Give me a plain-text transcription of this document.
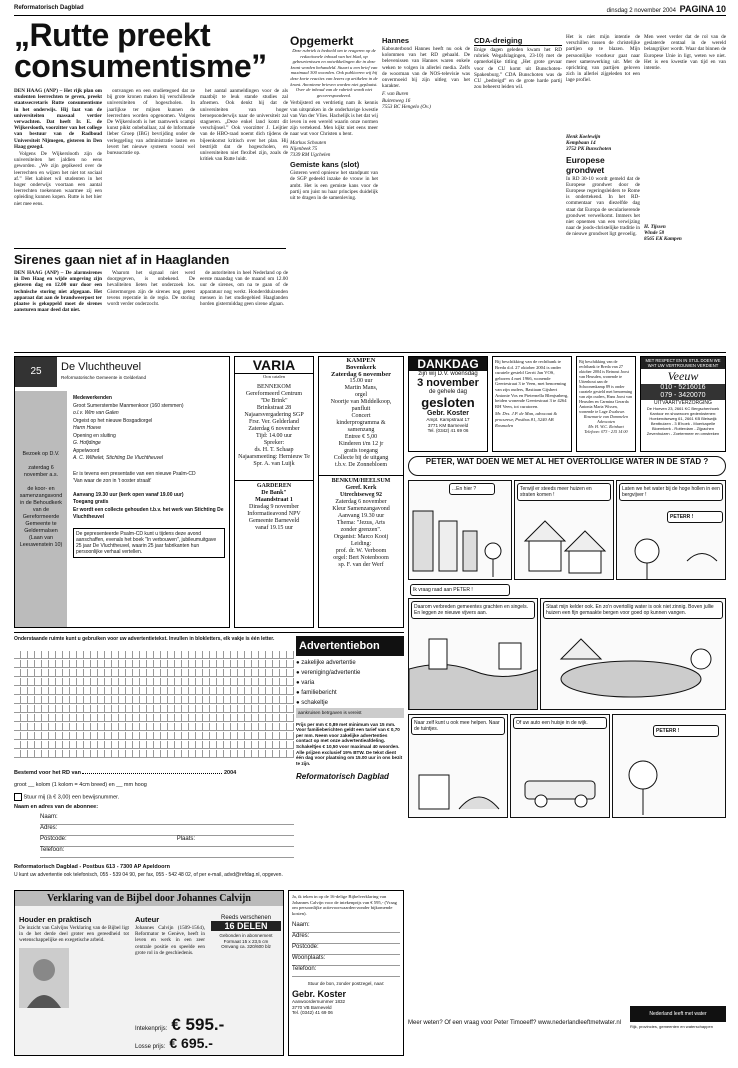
Reformatorisch Dagblad	dinsdag 2 november 2004 PAGINA 10
„Rutte preekt consumentisme”

DEN HAAG (ANP) – Het rijk plan om studenten leerrechten te geven, preekt staatssecretaris Rutte consumentisme in het onderwijs. Hij laat van de universiteiten massaal vertier verwachten. Dat heeft Ir. E. de Wijkerslooth, voorzitter van het college van bestuur van de Radboud Universiteit Nijmegen, gisteren in Den Haag gezegd.

Volgens De Wijkerslooth zijn de universiteiten het jaldien no eens geworden. „We zijn gepikeerd over de leerrechten en wijzen het niet tot sociaal af.” Het kabinet wil studenten in het hoger onderwijs voortaan een aantal leerrechten toekennen waarmee zij een opleiding kunnen kopen. Rutte is het hier niet mee eens.

ontvangen en een studietegoed dat ze bij grote kronen maken bij verschillende universiteiten of hogescholen. In jaarlijkse ter mijnen kunnen de leerrechten worden opgenomen. Volgens De Wijkerslooth is het raamwerk scampi kunst pikkt onbeballaar, zal de lnformatie lleber Groep (IBG) bevrijding onder de verleggeling van administratie lasten en levert het nieuwe systeem vooral wel bureaucratie op.

het aantal aanmeldingen voor de als maatbijt te leuk stande studies zal afnemen. Ook denkt hij dat de universiteiten van hoger beroepsonderwijs naar de universiteit zal stagneren. „Deze enkel land komt dit verschijnsel.” Ook voorzitter J. Leijtier van de HBO-raad noemt dich tijdens de bijeenkomst kritisch over het plan. Hij bestrijdt dat de hogescholen, en universiteiten niet flexibel zijn, zoals de kritiek van Rutte luidt.

Opgemerkt
Deze rubriek is bedoeld om te reageren op de redactionele inhoud van het blad, op gebeurtenissen en ontwikkelingen die in deze krant worden behandeld. Stuurt u een brief van maximaal 300 woorden. Ook publiceren wij bij deze korte reacties van lezers op artikelen in de krant. Anonieme brieven worden niet geplaatst. Over de inhoud van de rubriek wordt niet gecorrespondeerd.
Verbijsterd en verdrietig nam ik kennis van uitspraken in de onderhavige kwestie van Van der Vlies. Hachelijk is het dat wij leven in een wereld waarin onze normen zijn vertekend. Men kijkt niet eens meer naar wat voor Christen u bent.
Markus Schouten
Nijenbeek 75
7339 RM Ugchelen
Gemiste kans (slot)
Gisteren werd opnieuw het standpunt van de SGP gedeeld inzake de vrouw in het ambt. Het is een gemiste kans voor de partij om juist nu haar principes duidelijk uit te dragen in de samenleving.
Hannes
Kabouterbond Hannes heeft nu ook de kolommen van het RD gehaald. De belevenissen van Hannes waren enkele weken te volgen in allerlei media. Zelfs de woorman van de NOS-televisie was onvermoeid bij zijn uitleg van het karakter.
F. van Buren
Buitenweg 16
7553 BC Hengelo (Ov.)
CDA-dreiging
Enige dagen geleden kwam het RD rubriek Wegafslagingen, 23-10) met de opmerkelijke titling „Het grote gevaar voor de CU komt uit Bunschoten-Spakenburg.” CDA Bunschoten was de CU „bedreigd” en de grote harde partij zou beheerst leiden wil.
Het is niet mijn intentie de verschillen tussen de christelijke partijen op te blazen. Mijn persoonlijke voorkeur gaat naar meer samenwerking uit. Met de oprichting van partijen geloven zich in allerlei zijgeleden tot een lage profiel.
Henk Koelewijn
Kempbaan 14
3752 PK Bunschoten
Europese grondwet
In RD 30-10 wordt gemeld dat de Europese grondwet door de Europese regeringsleiders te Rome is ondertekend. In het RD-commentaar van diezelfde dag staat dat Europa de seculariserende grondwet verwelkomt. Immers het niet opnemen van een verwijzing naar de joods-christelijke traditie in de nieuwe grondwet ligt gevoelig.
Men weet verder dat de rol van de geslaterde centaal in de wereld belangrijker wordt. Waar dat binnen de Europese Unie in ligt, weten we niet. Het is een kwestie van tijd en van intentie.
H. Tijssen
Winde 58
8565 EK Kampen
Sirenes gaan niet af in Haaglanden

DEN HAAG (ANP) – De alarmsirenes in Den Haag en wijde omgeving zijn gisteren dag en 12.00 uur door een technische storing niet afgegaan. Het apparaat dat aan de brandweerpost ter plaatse is gekoppeld moet de sirenes aansturen maar deed dat niet.

Waarom het signaal niet werd doorgegeven, is onbekend. De hevaliteiten lieten het onderzoek los. Gistermorgen zijn de sirenes nog getest tevens reperatie in de regio. De storing wordt verder onderzocht.

de autoriteiten in heel Nederland op de eerste maandag van de maand om 12.00 uur de sirenes, om na te gaan of de apparatuur nog werkt. Honderdduizenden mensen in het studiegebied Haaglanden horden gistermiddag geen sirene afgaan.

25	De Vluchtheuvel
Reformatorische Gemeente in Gelderland
Bezoek op D.V.

zaterdag 6 november a.s.

de koor- en samenzangavond in de Behoudkerk van de Gereformeerde Gemeente te Geldermalsen (Laan van Leeuwenstein 10)
Medewerkenden
Groot Sumerstembe Manmenkoor (160 stemmen)
o.l.v. Wim van Galen
Orgeist op het nieuwe Bosgadiorgel
Harm Hoeve
Opening en sluiting
G. Hofjdinge
Appelwoord
A. C. Wilhelet, Stichting De Vluchtheuvel
Er is tevens een presentatie van een nieuwe Psalm-CD
'Van waar de zon in 't ooster straalt'
Aanvang 19.30 uur (kerk open vanaf 19.00 uur)
Toegang gratis
Er wordt een collecte gehouden t.b.v. het werk van Stichting De Vluchtheuvel
De gepresenteerde Psalm-CD kunt u tijdens deze avond aanschaffen, evenals het boek "In verbouwen", jubileumuitgave 25 jaar De Vluchtheuvel, waarin 25 jaar fabrikanten hun persoonlijke verhaal vertellen.
VARIA
Oon catalen
BENNEKOM
Gereformeerd Centrum
"De Brink"
Brinkstraat 28
Najaarsvergadering SGP
Frsr. Ver. Gelderland
Zaterdag 6 november
Tijd: 14.00 uur
Spreker:
ds. H. T. Schaap
Najaarsmeeting: Hernieuw Te
Spr. A. van Luijk
GARDEREN
De Bank"
Maandstraat 1
Dinsdag 9 november
Informatieavond NPV
Gemeente Barneveld
vanaf 19.15 uur
KAMPEN
Bovenkerk
Zaterdag 6 november
15.00 uur
Martin Mans,
orgel
Noortje van Middelkoop,
panfluit
Concert
kinderprogramma &
samenzang
Entree € 5,00
Kinderen t/m 12 jr
gratis toegang
Collecte bij de uitgang
t.b.v. De Zonnebloem
BENKUM/HEELSUM
Geref. Kerk
Utrechtseweg 92
Zaterdag 6 november
Kleur Samenzangavond
Aanvang 19.30 uur
Thema: "Jezus, Arts
zonder grenzen".
Organist: Marco Kooij
Leiding:
prof. dr. W. Verboom
orgel: Bert Notenboom
sp. F. van der Werf
DANKDAG
zijn wij D.V. woensdag
3 november
de gehele dag
gesloten
Gebr. Koster
Ampt. Kampstraat 17
3771 KM Barneveld
Tel. (0342) 41 69 06
Bij beschikking van de rechtbank te Breda d.d. 27 oktober 2004 is onder curatele gesteld Gerrit Jan VOS, geboren 4 mei 1966, wonende Geertestraat 3 te Veen, met benoeming van zijn ouders, Bastiaan Gijsbert Antonie Vos en Pieternella Blenjsnberg, beiden wonende Geertestraat 3 te 4264 RH Veen, tot curatoren.
Mr. Drs. J.P. de Man, advocaat & procureur, Postbus 81, 5240 AB Rosmalen
Bij beschikking van de rechtbank te Breda van 27 oktober 2004 is Reinout Joost van Heusden, wonende te Uitenhout aan de Schoonenkamp 89 is onder curatele gesteld met benoeming van zijn ouders, Hans Joost van Heusden en Carmina Gerarda Antonia Maria Wissen, wonende te Lage Zwaluwe.
Rosemarie van Dommelen
Advocaten
Mr. H. W.C. Reinhart
Telefoon: 073 - 215 14 00
MET RESPECT EN IN STIJL DOEN WE WAT UW VERTROUWEN VERDIENT
Veeuw
010 - 5216016
079 - 3420070
UITVAARTVERZORGING
De Hoeven 23, 2661 KC Bergschenhoek
Kantoor en showroom gedenkstenen:
Hoekendseweg 61, 2661 KB Bleiswijk
Bentbuizen - 3 B'hoek - Moerkapelle
Bloemkerk - Rotterdam - Zijpachen
Zevenhuizen - Zoetermeer en omstreken
PETER, WAT DOEN WE MET AL HET OVERTOLLIGE WATER IN DE STAD ?
...En hier ?	Terwijl er steeds meer huizen en straten komen !
Laten we het water bij de hoge hollen in een bergvijver !
PETERR !
Ik vraag raad aan PETER !
Daarom verbreden gemeentes grachten en singels. En leggen ze nieuwe vijvers aan.
Staat mijn kelder ook. En zo'n overtollig water is ook niet zinnig. Boven jullie huizen een fijn gemaakte bergen voor goed op kunnen vangen.
Naar zelf kunt u ook mee helpen. Naar de tuintjes.
Of uw auto een huisje in de wijk.
PETERR !
Meer weten? Of een vraag voor Peter Timoeeff? www.nederlandleeftmetwater.nl
Nederland leeft met water
Rijk, provincies, gemeenten en waterschappen
Onderstaande ruimte kunt u gebruiken voor uw advertentietekst. Invullen in blokletters, elk vakje is één letter.
Bestemd voor het RD van	2004
groot __ kolom (1 kolom = 4cm breed) en __ mm hoog
Stuur mij (à € 3,00) een bewijsnummer.
Naam en adres van de abonnee:
Naam:
Adres:
Postcode:	Plaats:
Telefoon:
Reformatorisch Dagblad - Postbus 613 - 7300 AP Apeldoorn
U kunt uw advertentie ook telefonisch, 055 - 539 04 90, per fax, 055 - 542 48 02, of per e-mail, advd@refdag.nl, opgeven.
Advertentiebon
● zakelijke advertentie
● vereniging/advertentie
● varia
● familiebericht
● schakeltje
aankruisen betrgaven is vereist
Prijs per mm € 0,89 met minimum van 15 mm. Voor familieberichten geldt een tarief van € 0,70 per mm. Neem voor zakelijke advertenties contact op met onze advertentieafdeling. Schakeltjes € 10,50 voor maximaal 40 woorden. Alle prijzen exclusief 19% BTW. De tekst dient één dag voor plaatsing om 15.00 uur in ons bezit te zijn.
Reformatorisch Dagblad
Verklaring van de Bijbel door Johannes Calvijn
Houder en praktisch
De inzicht van Calvijns Verklaring van de Bijbel ligt in de het derde deel groter een gereedheid tot wetenschappelijke en exegetische arbeid.
Auteur
Johannes Calvijn (1509-1564), Reformator te Genève, heeft in leven en werk in een zeer centrale positie en speelde een grote rol in de geschiedenis.
Reeds verschenen
16 DELEN
Gebonden in abonnement
Formaat 15 x 23,5 cm
Omvang ca. 320/600 blz
Intekenprijs: € 595.-
Losse prijs: € 695.-
Ja, ik teken in op de 16-delige Bijbelverklaring van Johannes Calvijn voor de intekenprijs van € 595,- (Vraag om persoonlijke actievoorwaarden-zonder bijkomende kosten).
Naam:
Adres:
Postcode:
Woonplaats:
Telefoon:
Stuur de bon, zonder postzegel, naar:
Gebr. Koster
Aanwoordernummer 1832
3770 VB Barneveld
Tel. (0342) 41 69 06
